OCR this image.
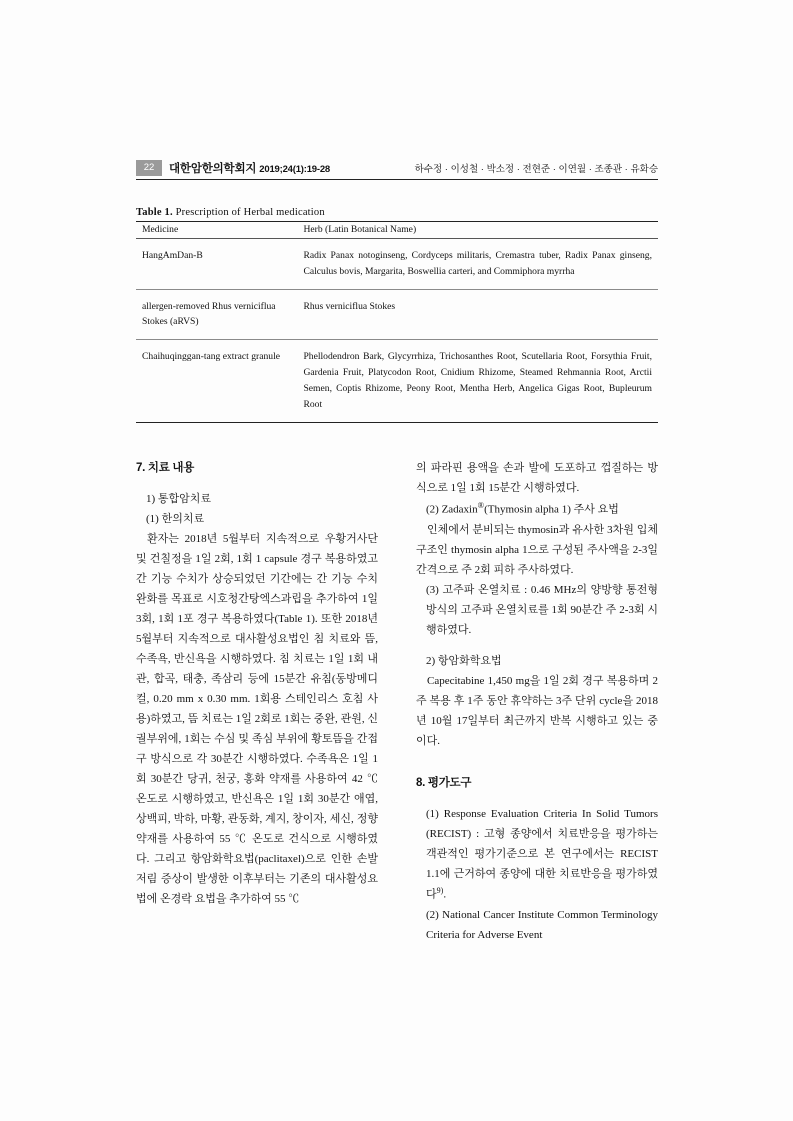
22	대한암한의학회지 2019;24(1):19-28	하수정 · 이성철 · 박소정 · 전현준 · 이연월 · 조종관 · 유화승
Table 1. Prescription of Herbal medication
Medicine	Herb (Latin Botanical Name)
HangAmDan-B	Radix Panax notoginseng, Cordyceps militaris, Cremastra tuber, Radix Panax ginseng, Calculus bovis, Margarita, Boswellia carteri, and Commiphora myrrha
allergen-removed Rhus verniciflua Stokes (aRVS)	Rhus verniciflua Stokes
Chaihuqinggan-tang extract granule	Phellodendron Bark, Glycyrrhiza, Trichosanthes Root, Scutellaria Root, Forsythia Fruit, Gardenia Fruit, Platycodon Root, Cnidium Rhizome, Steamed Rehmannia Root, Arctii Semen, Coptis Rhizome, Peony Root, Mentha Herb, Angelica Gigas Root, Bupleurum Root
7. 치료 내용

1) 통합암치료

(1) 한의치료

환자는 2018년 5월부터 지속적으로 우황거사단 및 건칠정을 1일 2회, 1회 1 capsule 경구 복용하였고 간 기능 수치가 상승되었던 기간에는 간 기능 수치 완화를 목표로 시호청간탕엑스과립을 추가하여 1일 3회, 1회 1포 경구 복용하였다(Table 1). 또한 2018년 5월부터 지속적으로 대사활성요법인 침 치료와 뜸, 수족욕, 반신욕을 시행하였다. 침 치료는 1일 1회 내관, 합곡, 태충, 족삼리 등에 15분간 유침(동방메디컬, 0.20 mm x 0.30 mm. 1회용 스테인리스 호침 사용)하였고, 뜸 치료는 1일 2회로 1회는 중완, 관원, 신궐부위에, 1회는 수심 및 족심 부위에 황토뜸을 간접구 방식으로 각 30분간 시행하였다. 수족욕은 1일 1회 30분간 당귀, 천궁, 홍화 약재를 사용하여 42 ℃ 온도로 시행하였고, 반신욕은 1일 1회 30분간 애엽, 상백피, 박하, 마황, 관동화, 계지, 창이자, 세신, 정향 약재를 사용하여 55 ℃ 온도로 건식으로 시행하였다. 그리고 항암화학요법(paclitaxel)으로 인한 손발 저림 증상이 발생한 이후부터는 기존의 대사활성요법에 온경락 요법을 추가하여 55 ℃

의 파라핀 용액을 손과 발에 도포하고 껍질하는 방식으로 1일 1회 15분간 시행하였다.

(2) Zadaxin®(Thymosin alpha 1) 주사 요법

인체에서 분비되는 thymosin과 유사한 3차원 입체구조인 thymosin alpha 1으로 구성된 주사액을 2-3일 간격으로 주 2회 피하 주사하였다.

(3) 고주파 온열치료 : 0.46 MHz의 양방향 통전형 방식의 고주파 온열치료를 1회 90분간 주 2-3회 시행하였다.

2) 항암화학요법

Capecitabine 1,450 mg을 1일 2회 경구 복용하며 2주 복용 후 1주 동안 휴약하는 3주 단위 cycle을 2018년 10월 17일부터 최근까지 반복 시행하고 있는 중이다.

8. 평가도구

(1) Response Evaluation Criteria In Solid Tumors (RECIST) : 고형 종양에서 치료반응을 평가하는 객관적인 평가기준으로 본 연구에서는 RECIST 1.1에 근거하여 종양에 대한 치료반응을 평가하였다$^{9)}$.

(2) National Cancer Institute Common Terminology Criteria for Adverse Event
